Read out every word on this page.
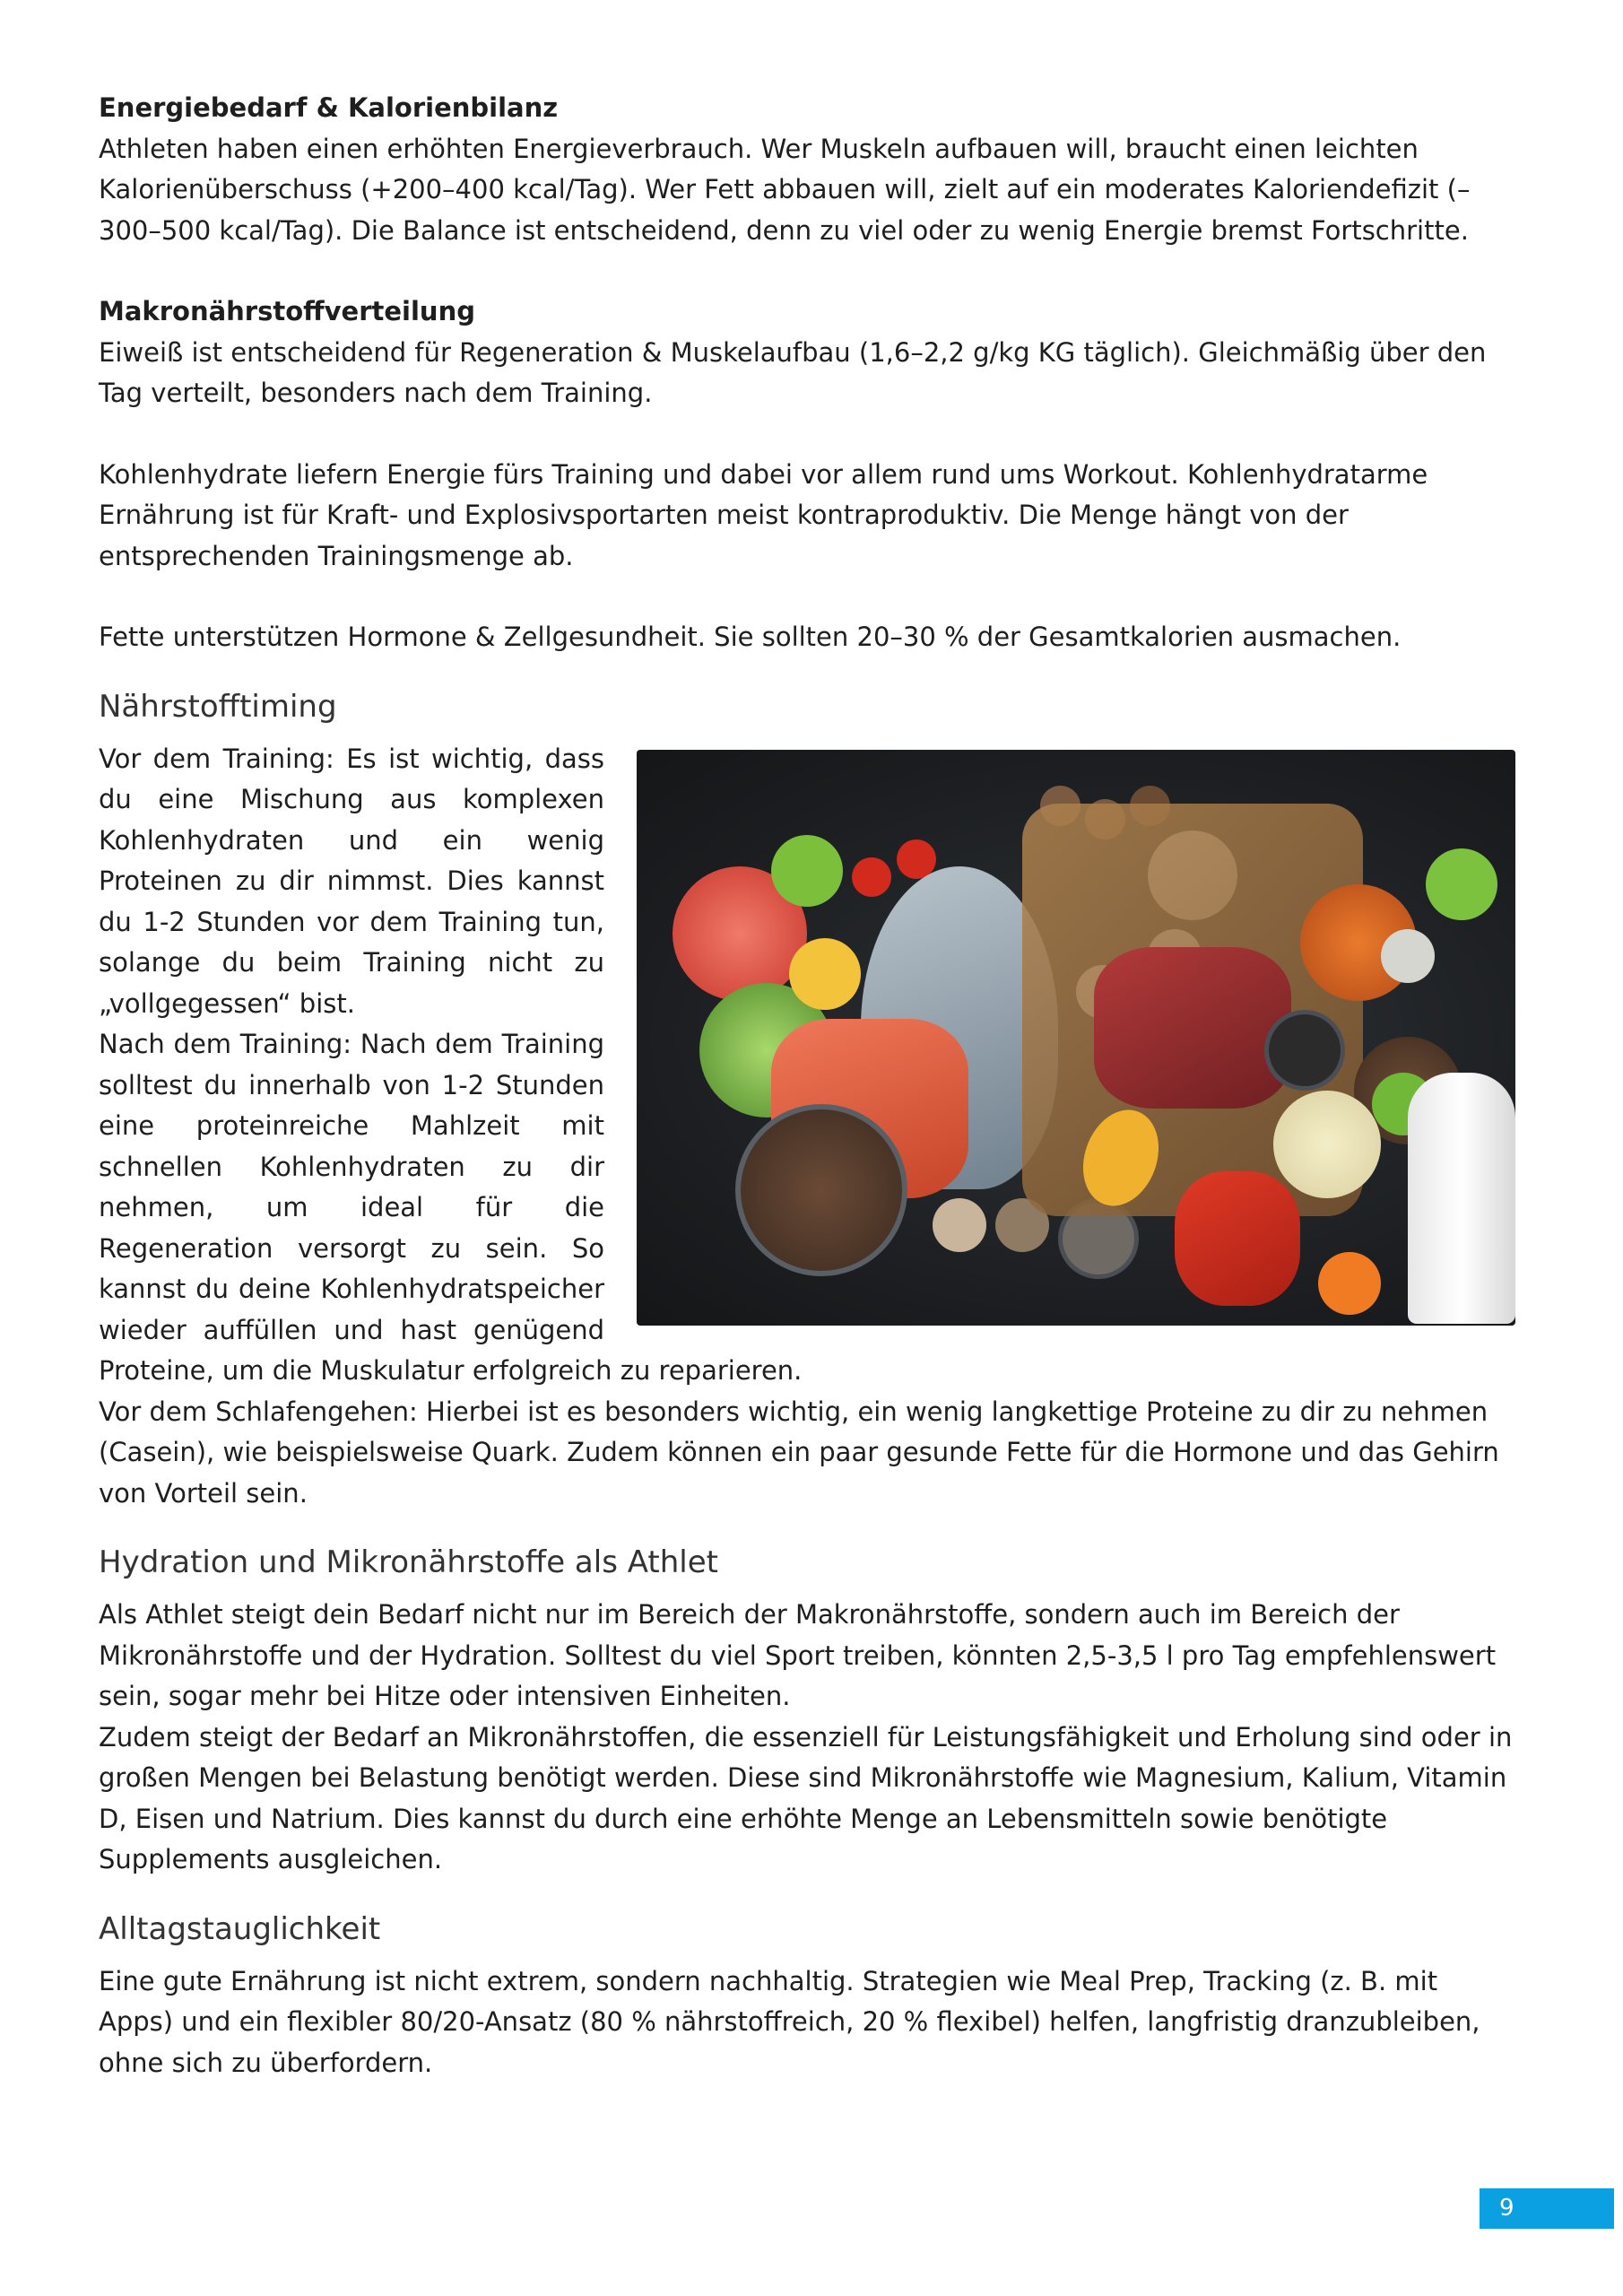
Energiebedarf & Kalorienbilanz

Athleten haben einen erhöhten Energieverbrauch. Wer Muskeln aufbauen will, braucht einen leichten Kalorienüberschuss (+200–400 kcal/Tag). Wer Fett abbauen will, zielt auf ein moderates Kaloriendefizit (–300–500 kcal/Tag). Die Balance ist entscheidend, denn zu viel oder zu wenig Energie bremst Fortschritte.

Makronährstoffverteilung

Eiweiß ist entscheidend für Regeneration & Muskelaufbau (1,6–2,2 g/kg KG täglich). Gleichmäßig über den Tag verteilt, besonders nach dem Training.

Kohlenhydrate liefern Energie fürs Training und dabei vor allem rund ums Workout. Kohlenhydratarme Ernährung ist für Kraft- und Explosivsportarten meist kontraproduktiv. Die Menge hängt von der entsprechenden Trainingsmenge ab.

Fette unterstützen Hormone & Zellgesundheit. Sie sollten 20–30 % der Gesamtkalorien ausmachen.

Nährstofftiming

Vor dem Training: Es ist wichtig, dass du eine Mischung aus komplexen Kohlenhydraten und ein wenig Proteinen zu dir nimmst. Dies kannst du 1-2 Stunden vor dem Training tun, solange du beim Training nicht zu „vollgegessen“ bist.

Nach dem Training: Nach dem Training solltest du innerhalb von 1-2 Stunden eine proteinreiche Mahlzeit mit schnellen Kohlenhydraten zu dir nehmen, um ideal für die Regeneration versorgt zu sein. So kannst du deine Kohlenhydratspeicher wieder auffüllen und hast genügend Proteine, um die Muskulatur erfolgreich zu reparieren.

Vor dem Schlafengehen: Hierbei ist es besonders wichtig, ein wenig langkettige Proteine zu dir zu nehmen (Casein), wie beispielsweise Quark. Zudem können ein paar gesunde Fette für die Hormone und das Gehirn von Vorteil sein.

Hydration und Mikronährstoffe als Athlet

Als Athlet steigt dein Bedarf nicht nur im Bereich der Makronährstoffe, sondern auch im Bereich der Mikronährstoffe und der Hydration. Solltest du viel Sport treiben, könnten 2,5-3,5 l pro Tag empfehlenswert sein, sogar mehr bei Hitze oder intensiven Einheiten.

Zudem steigt der Bedarf an Mikronährstoffen, die essenziell für Leistungsfähigkeit und Erholung sind oder in großen Mengen bei Belastung benötigt werden. Diese sind Mikronährstoffe wie Magnesium, Kalium, Vitamin D, Eisen und Natrium. Dies kannst du durch eine erhöhte Menge an Lebensmitteln sowie benötigte Supplements ausgleichen.

Alltagstauglichkeit

Eine gute Ernährung ist nicht extrem, sondern nachhaltig. Strategien wie Meal Prep, Tracking (z. B. mit Apps) und ein flexibler 80/20-Ansatz (80 % nährstoffreich, 20 % flexibel) helfen, langfristig dranzubleiben, ohne sich zu überfordern.

9
